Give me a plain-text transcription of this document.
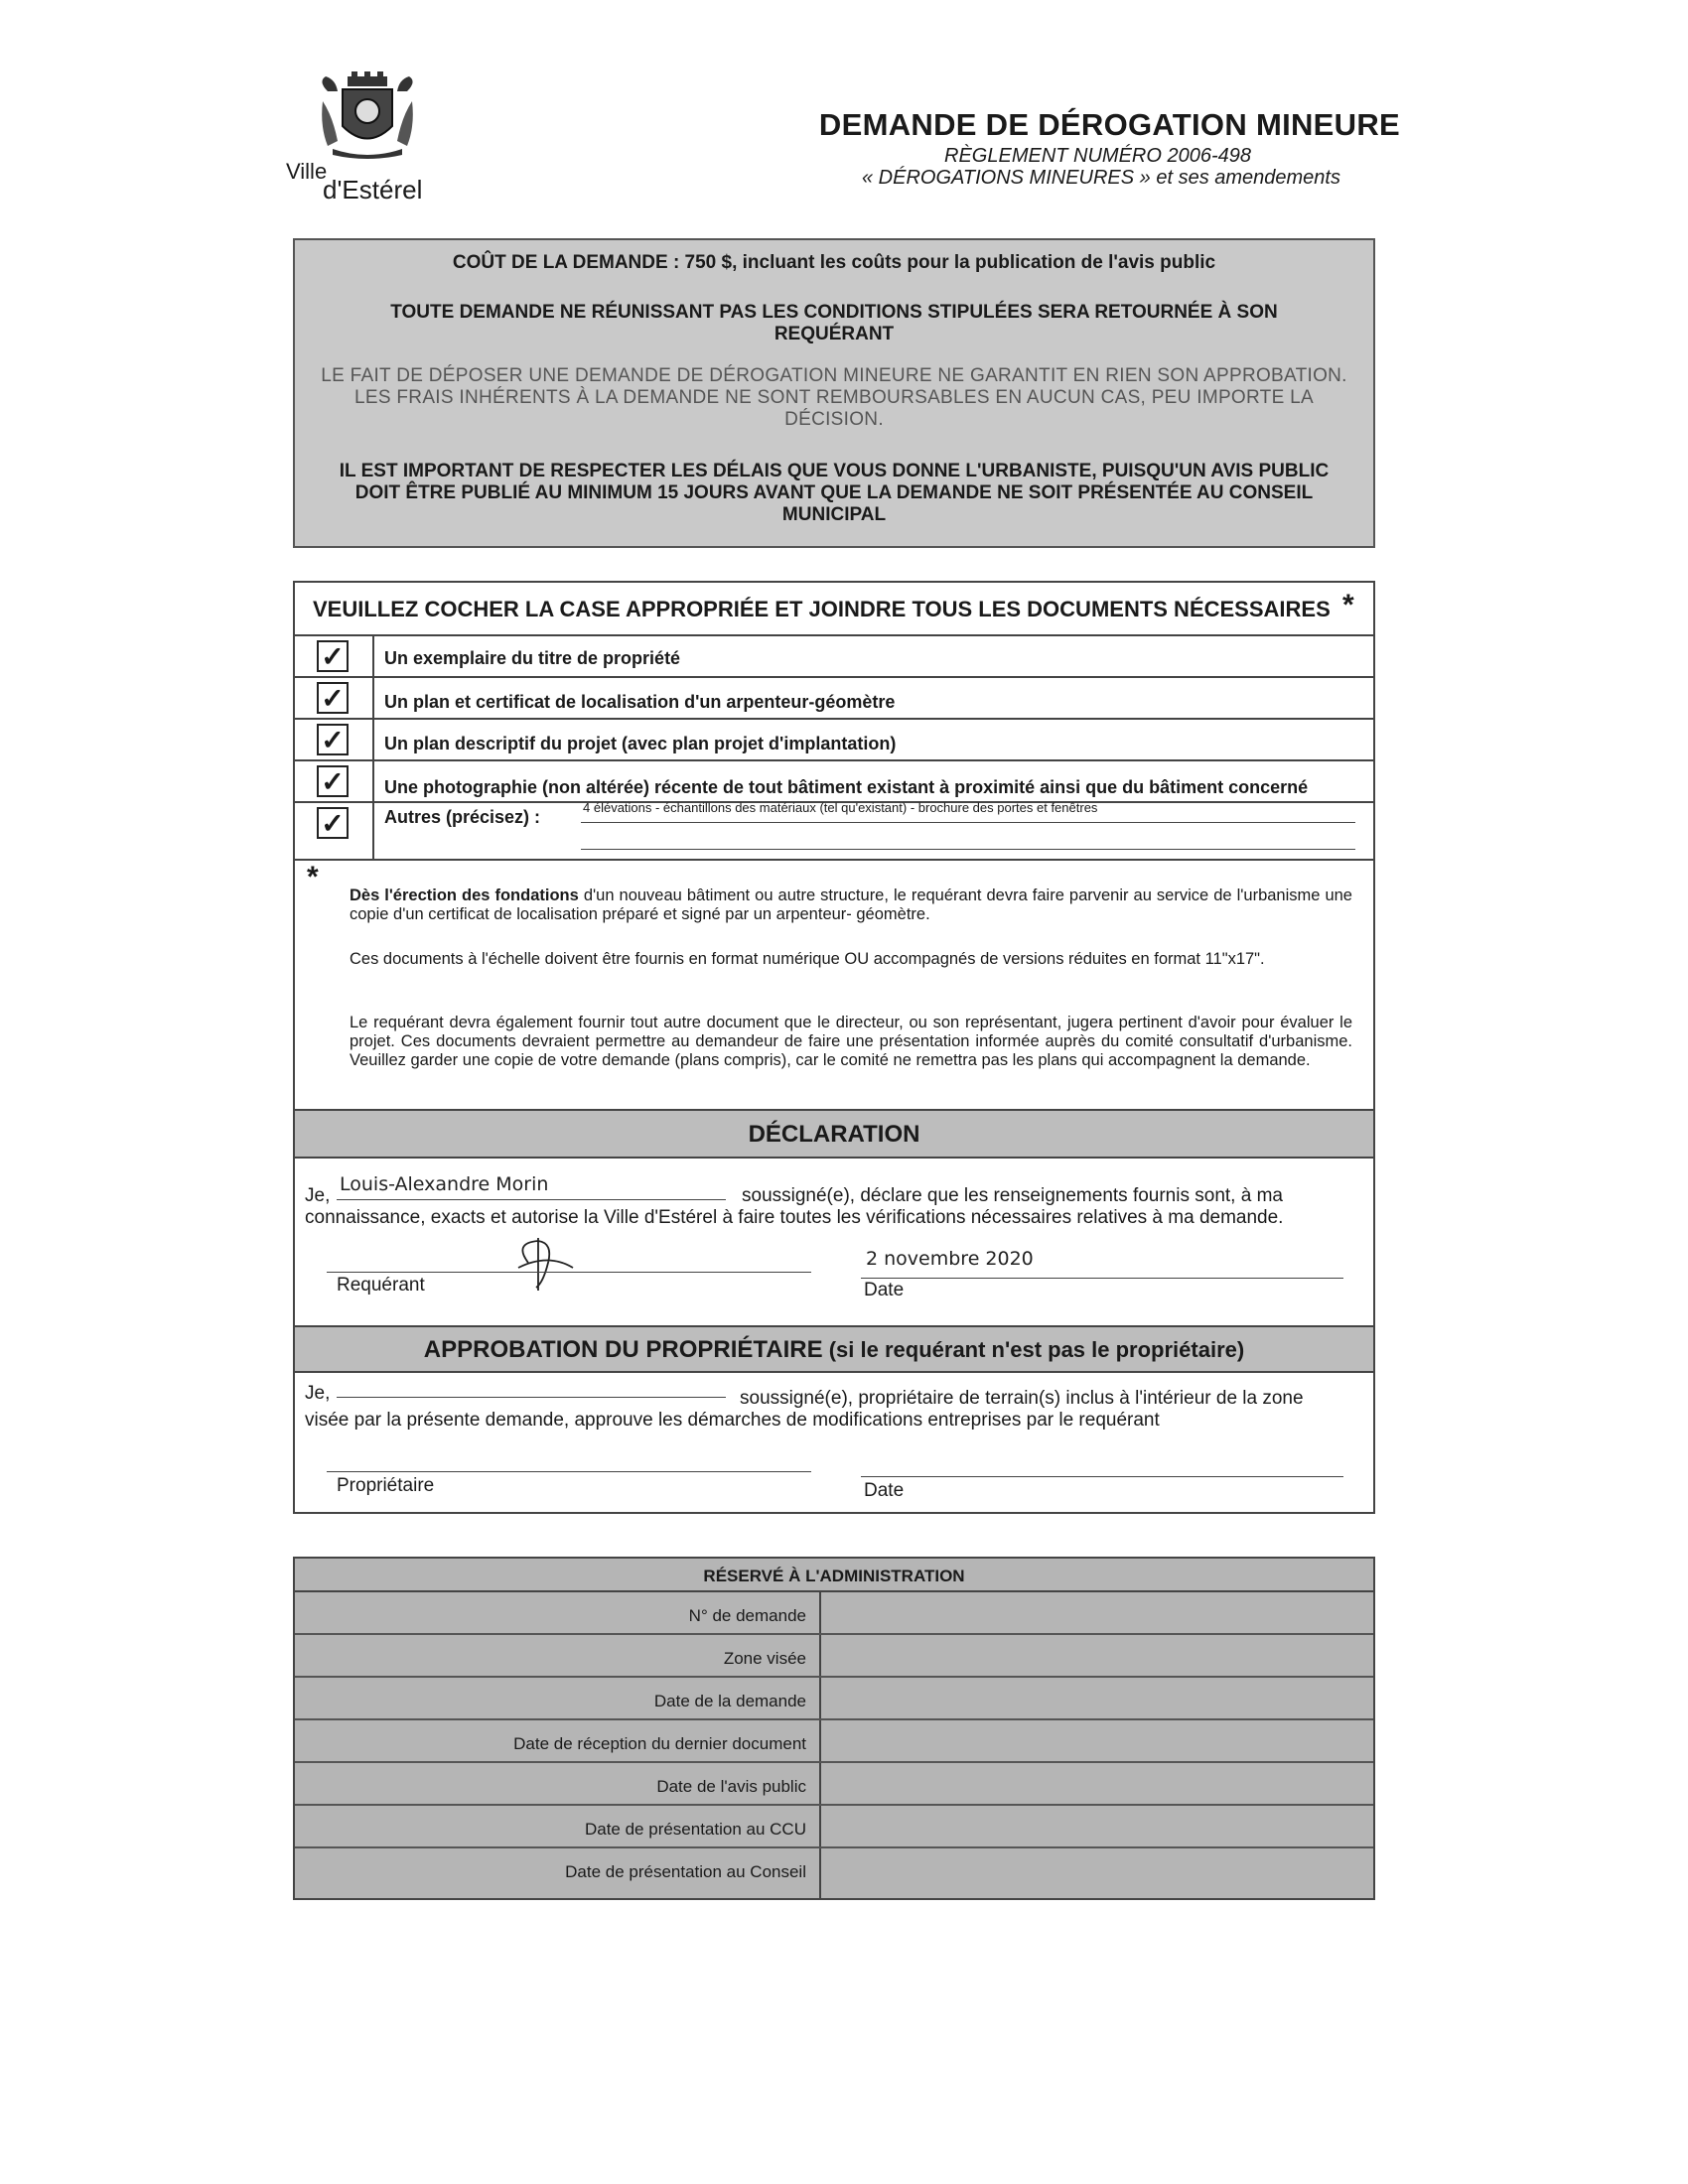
Ville
d'Estérel
DEMANDE DE DÉROGATION MINEURE
RÈGLEMENT NUMÉRO 2006-498
« DÉROGATIONS MINEURES » et ses amendements
COÛT DE LA DEMANDE : 750 $, incluant les coûts pour la publication de l'avis public
TOUTE DEMANDE NE RÉUNISSANT PAS LES CONDITIONS STIPULÉES SERA RETOURNÉE À SON REQUÉRANT
LE FAIT DE DÉPOSER UNE DEMANDE DE DÉROGATION MINEURE NE GARANTIT EN RIEN SON APPROBATION. LES FRAIS INHÉRENTS À LA DEMANDE NE SONT REMBOURSABLES EN AUCUN CAS, PEU IMPORTE LA DÉCISION.
IL EST IMPORTANT DE RESPECTER LES DÉLAIS QUE VOUS DONNE L'URBANISTE, PUISQU'UN AVIS PUBLIC DOIT ÊTRE PUBLIÉ AU MINIMUM 15 JOURS AVANT QUE LA DEMANDE NE SOIT PRÉSENTÉE AU CONSEIL MUNICIPAL
VEUILLEZ COCHER LA CASE APPROPRIÉE ET JOINDRE TOUS LES DOCUMENTS NÉCESSAIRES *
✓ Un exemplaire du titre de propriété
✓ Un plan et certificat de localisation d'un arpenteur-géomètre
✓ Un plan descriptif du projet (avec plan projet d'implantation)
✓ Une photographie (non altérée) récente de tout bâtiment existant à proximité ainsi que du bâtiment concerné
✓ Autres (précisez) :	4 élévations - échantillons des matériaux (tel qu'existant) - brochure des portes et fenêtres
*
Dès l'érection des fondations d'un nouveau bâtiment ou autre structure, le requérant devra faire parvenir au service de l'urbanisme une copie d'un certificat de localisation préparé et signé par un arpenteur- géomètre.
Ces documents à l'échelle doivent être fournis en format numérique OU accompagnés de versions réduites en format 11"x17".
Le requérant devra également fournir tout autre document que le directeur, ou son représentant, jugera pertinent d'avoir pour évaluer le projet. Ces documents devraient permettre au demandeur de faire une présentation informée auprès du comité consultatif d'urbanisme. Veuillez garder une copie de votre demande (plans compris), car le comité ne remettra pas les plans qui accompagnent la demande.
DÉCLARATION
Je,
Louis-Alexandre Morin
soussigné(e), déclare que les renseignements fournis sont, à ma
connaissance, exacts et autorise la Ville d'Estérel à faire toutes les vérifications nécessaires relatives à ma demande.
Requérant
2 novembre 2020
Date
APPROBATION DU PROPRIÉTAIRE (si le requérant n'est pas le propriétaire)
Je,	soussigné(e), propriétaire de terrain(s) inclus à l'intérieur de la zone
visée par la présente demande, approuve les démarches de modifications entreprises par le requérant
Propriétaire	Date
RÉSERVÉ À L'ADMINISTRATION
N° de demande
Zone visée
Date de la demande
Date de réception du dernier document
Date de l'avis public
Date de présentation au CCU
Date de présentation au Conseil
